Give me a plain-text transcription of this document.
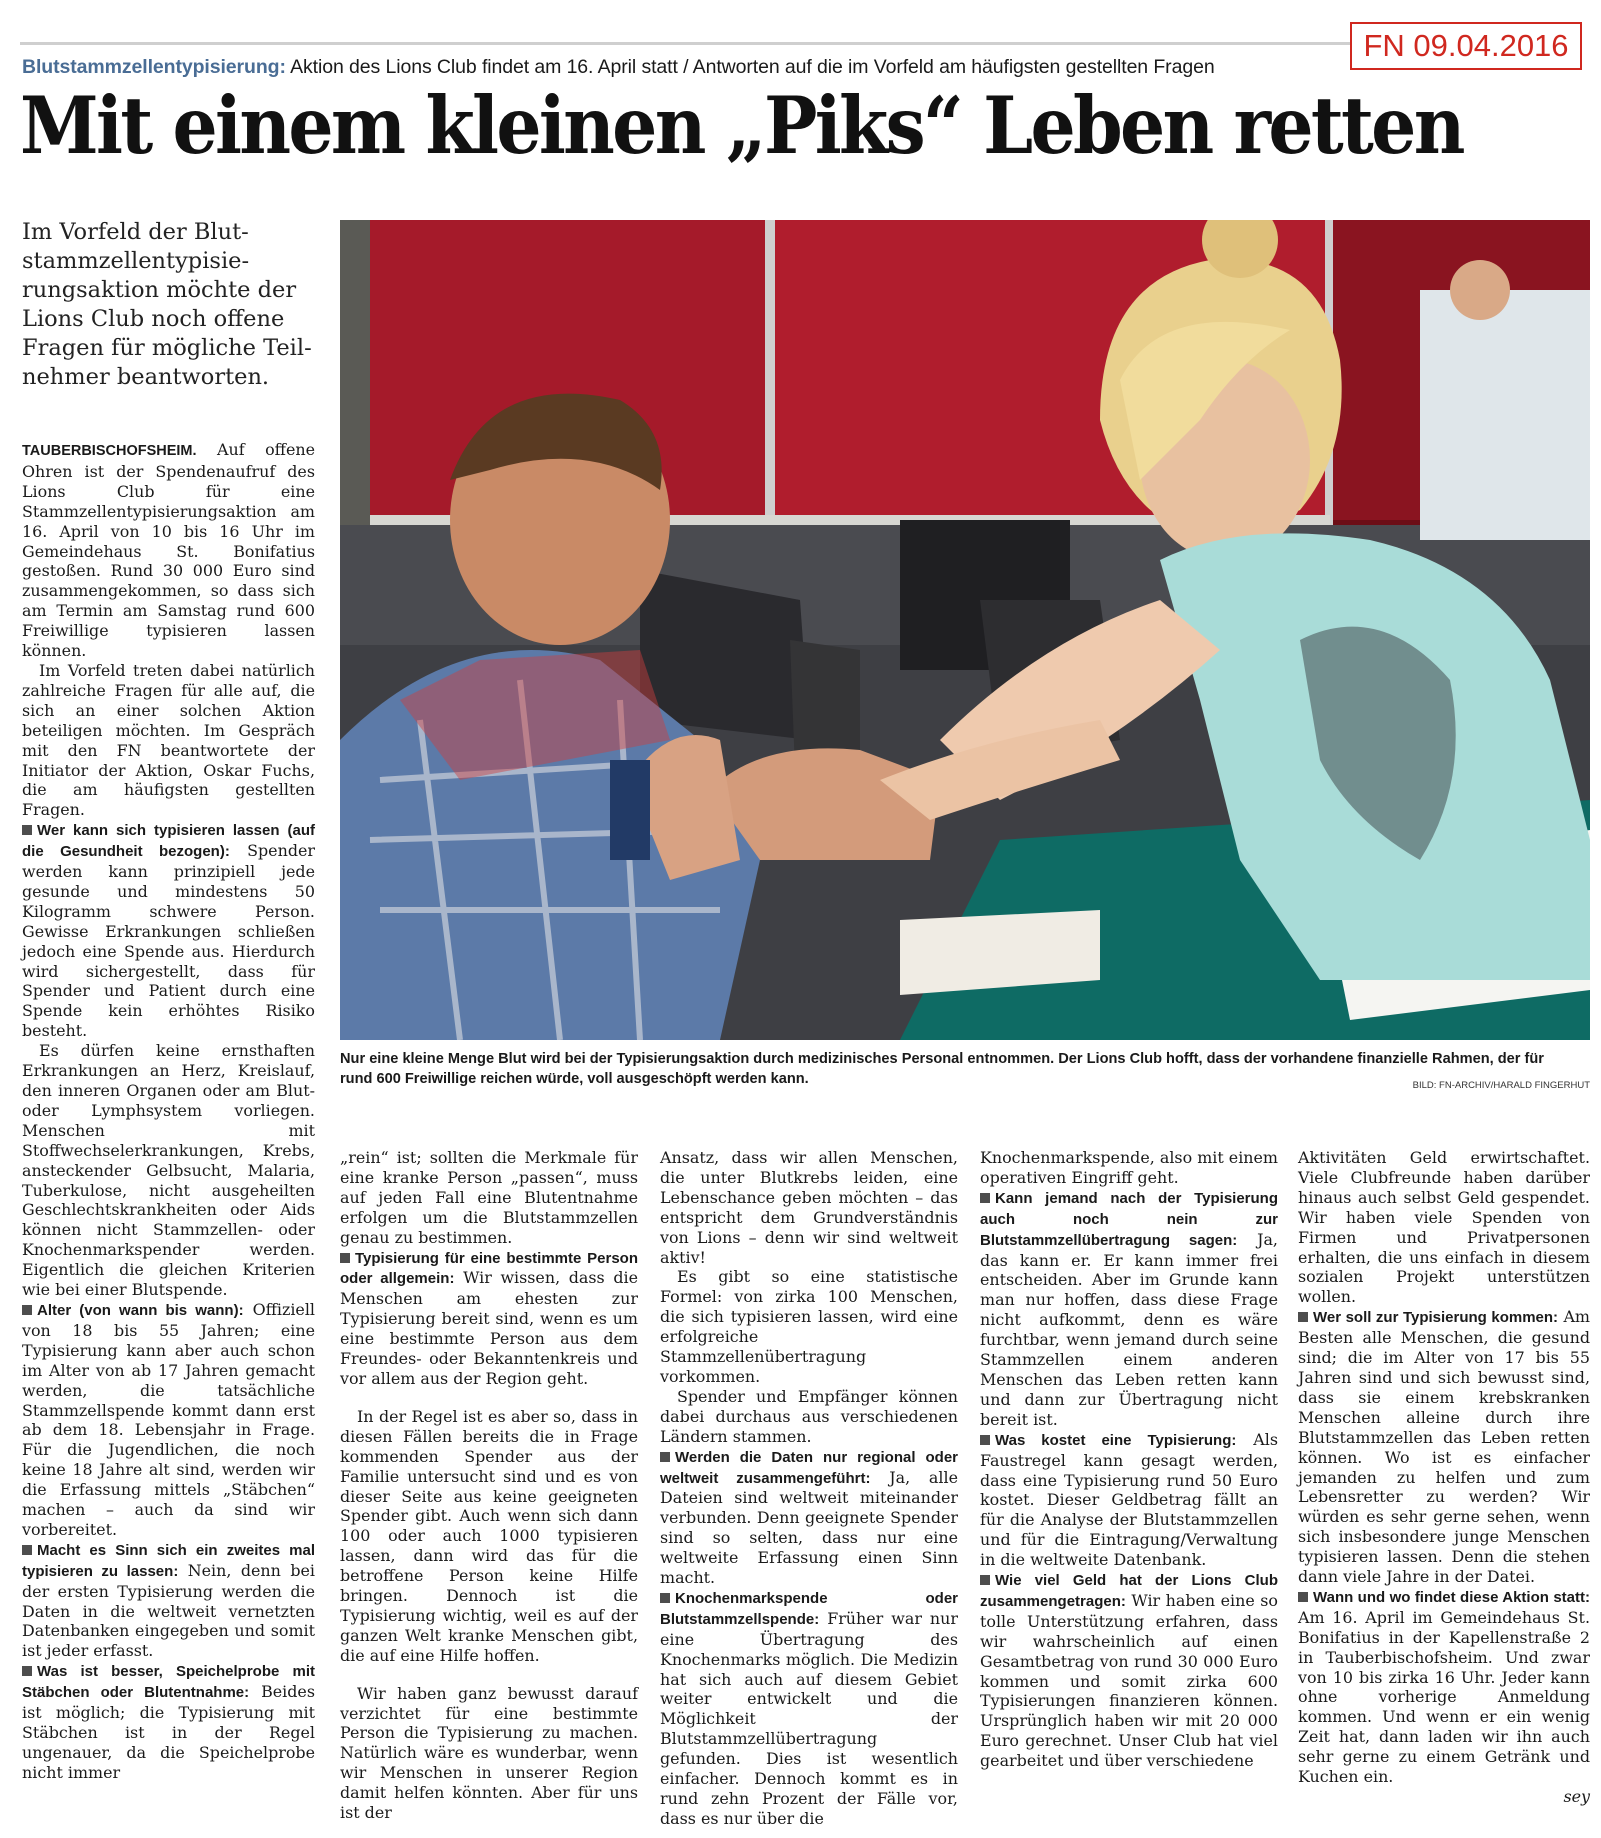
FN 09.04.2016
Blutstammzellentypisierung: Aktion des Lions Club findet am 16. April statt / Antworten auf die im Vorfeld am häufigsten gestellten Fragen
Mit einem kleinen „Piks“ Leben retten
Im Vorfeld der Blut-
stammzellentypisie-
rungsaktion möchte der
Lions Club noch offene
Fragen für mögliche Teil-
nehmer beantworten.

TAUBERBISCHOFSHEIM. Auf offene Ohren ist der Spendenaufruf des Lions Club für eine Stammzellentypisierungsaktion am 16. April von 10 bis 16 Uhr im Gemeindehaus St. Bonifatius gestoßen. Rund 30 000 Euro sind zusammengekommen, so dass sich am Termin am Samstag rund 600 Freiwillige typisieren lassen können.

Im Vorfeld treten dabei natürlich zahlreiche Fragen für alle auf, die sich an einer solchen Aktion beteiligen möchten. Im Gespräch mit den FN beantwortete der Initiator der Aktion, Oskar Fuchs, die am häufigsten gestellten Fragen.

Wer kann sich typisieren lassen (auf die Gesundheit bezogen): Spender werden kann prinzipiell jede gesunde und mindestens 50 Kilogramm schwere Person. Gewisse Erkrankungen schließen jedoch eine Spende aus. Hierdurch wird sichergestellt, dass für Spender und Patient durch eine Spende kein erhöhtes Risiko besteht.

Es dürfen keine ernsthaften Erkrankungen an Herz, Kreislauf, den inneren Organen oder am Blut- oder Lymphsystem vorliegen. Menschen mit Stoffwechselerkrankungen, Krebs, ansteckender Gelbsucht, Malaria, Tuberkulose, nicht ausgeheilten Geschlechtskrankheiten oder Aids können nicht Stammzellen- oder Knochenmarkspender werden. Eigentlich die gleichen Kriterien wie bei einer Blutspende.

Alter (von wann bis wann): Offiziell von 18 bis 55 Jahren; eine Typisierung kann aber auch schon im Alter von ab 17 Jahren gemacht werden, die tatsächliche Stammzellspende kommt dann erst ab dem 18. Lebensjahr in Frage. Für die Jugendlichen, die noch keine 18 Jahre alt sind, werden wir die Erfassung mittels „Stäbchen“ machen – auch da sind wir vorbereitet.

Macht es Sinn sich ein zweites mal typisieren zu lassen: Nein, denn bei der ersten Typisierung werden die Daten in die weltweit vernetzten Datenbanken eingegeben und somit ist jeder erfasst.

Was ist besser, Speichelprobe mit Stäbchen oder Blutentnahme: Beides ist möglich; die Typisierung mit Stäbchen ist in der Regel ungenauer, da die Speichelprobe nicht immer

Nur eine kleine Menge Blut wird bei der Typisierungsaktion durch medizinisches Personal entnommen. Der Lions Club hofft, dass der vorhandene finanzielle Rahmen, der für
rund 600 Freiwillige reichen würde, voll ausgeschöpft werden kann.	BILD: FN-ARCHIV/HARALD FINGERHUT

„rein“ ist; sollten die Merkmale für eine kranke Person „passen“, muss auf jeden Fall eine Blutentnahme erfolgen um die Blutstammzellen genau zu bestimmen.

Typisierung für eine bestimmte Person oder allgemein: Wir wissen, dass die Menschen am ehesten zur Typisierung bereit sind, wenn es um eine bestimmte Person aus dem Freundes- oder Bekanntenkreis und vor allem aus der Region geht.

In der Regel ist es aber so, dass in diesen Fällen bereits die in Frage kommenden Spender aus der Familie untersucht sind und es von dieser Seite aus keine geeigneten Spender gibt. Auch wenn sich dann 100 oder auch 1000 typisieren lassen, dann wird das für die betroffene Person keine Hilfe bringen. Dennoch ist die Typisierung wichtig, weil es auf der ganzen Welt kranke Menschen gibt, die auf eine Hilfe hoffen.

Wir haben ganz bewusst darauf verzichtet für eine bestimmte Person die Typisierung zu machen. Natürlich wäre es wunderbar, wenn wir Menschen in unserer Region damit helfen könnten. Aber für uns ist der

Ansatz, dass wir allen Menschen, die unter Blutkrebs leiden, eine Lebenschance geben möchten – das entspricht dem Grundverständnis von Lions – denn wir sind weltweit aktiv!

Es gibt so eine statistische Formel: von zirka 100 Menschen, die sich typisieren lassen, wird eine erfolgreiche Stammzellenübertragung vorkommen.

Spender und Empfänger können dabei durchaus aus verschiedenen Ländern stammen.

Werden die Daten nur regional oder weltweit zusammengeführt: Ja, alle Dateien sind weltweit miteinander verbunden. Denn geeignete Spender sind so selten, dass nur eine weltweite Erfassung einen Sinn macht.

Knochenmarkspende oder Blutstammzellspende: Früher war nur eine Übertragung des Knochenmarks möglich. Die Medizin hat sich auch auf diesem Gebiet weiter entwickelt und die Möglichkeit der Blutstammzellübertragung gefunden. Dies ist wesentlich einfacher. Dennoch kommt es in rund zehn Prozent der Fälle vor, dass es nur über die

Knochenmarkspende, also mit einem operativen Eingriff geht.

Kann jemand nach der Typisierung auch noch nein zur Blutstammzellübertragung sagen: Ja, das kann er. Er kann immer frei entscheiden. Aber im Grunde kann man nur hoffen, dass diese Frage nicht aufkommt, denn es wäre furchtbar, wenn jemand durch seine Stammzellen einem anderen Menschen das Leben retten kann und dann zur Übertragung nicht bereit ist.

Was kostet eine Typisierung: Als Faustregel kann gesagt werden, dass eine Typisierung rund 50 Euro kostet. Dieser Geldbetrag fällt an für die Analyse der Blutstammzellen und für die Eintragung/Verwaltung in die weltweite Datenbank.

Wie viel Geld hat der Lions Club zusammengetragen: Wir haben eine so tolle Unterstützung erfahren, dass wir wahrscheinlich auf einen Gesamtbetrag von rund 30 000 Euro kommen und somit zirka 600 Typisierungen finanzieren können. Ursprünglich haben wir mit 20 000 Euro gerechnet. Unser Club hat viel gearbeitet und über verschiedene

Aktivitäten Geld erwirtschaftet. Viele Clubfreunde haben darüber hinaus auch selbst Geld gespendet. Wir haben viele Spenden von Firmen und Privatpersonen erhalten, die uns einfach in diesem sozialen Projekt unterstützen wollen.

Wer soll zur Typisierung kommen: Am Besten alle Menschen, die gesund sind; die im Alter von 17 bis 55 Jahren sind und sich bewusst sind, dass sie einem krebskranken Menschen alleine durch ihre Blutstammzellen das Leben retten können. Wo ist es einfacher jemanden zu helfen und zum Lebensretter zu werden? Wir würden es sehr gerne sehen, wenn sich insbesondere junge Menschen typisieren lassen. Denn die stehen dann viele Jahre in der Datei.

Wann und wo findet diese Aktion statt: Am 16. April im Gemeindehaus St. Bonifatius in der Kapellenstraße 2 in Tauberbischofsheim. Und zwar von 10 bis zirka 16 Uhr. Jeder kann ohne vorherige Anmeldung kommen. Und wenn er ein wenig Zeit hat, dann laden wir ihn auch sehr gerne zu einem Getränk und Kuchen ein.

sey
